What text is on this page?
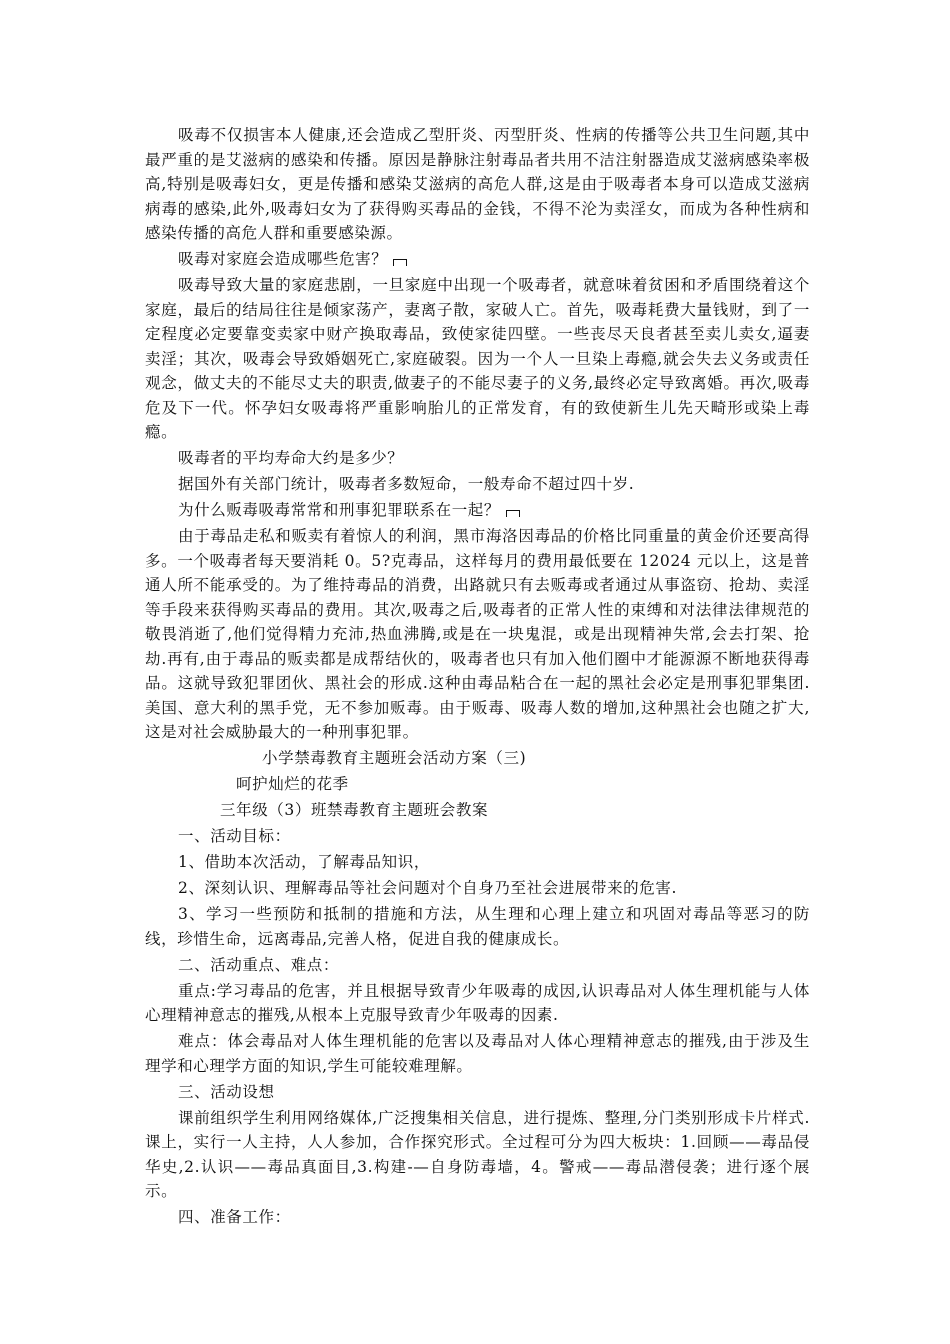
吸毒不仅损害本人健康,还会造成乙型肝炎、丙型肝炎、性病的传播等公共卫生问题,其中最严重的是艾滋病的感染和传播。原因是静脉注射毒品者共用不洁注射器造成艾滋病感染率极高,特别是吸毒妇女，更是传播和感染艾滋病的高危人群,这是由于吸毒者本身可以造成艾滋病病毒的感染,此外,吸毒妇女为了获得购买毒品的金钱，不得不沦为卖淫女，而成为各种性病和感染传播的高危人群和重要感染源。

吸毒对家庭会造成哪些危害？

吸毒导致大量的家庭悲剧，一旦家庭中出现一个吸毒者，就意味着贫困和矛盾围绕着这个家庭，最后的结局往往是倾家荡产，妻离子散，家破人亡。首先，吸毒耗费大量钱财，到了一定程度必定要靠变卖家中财产换取毒品，致使家徒四壁。一些丧尽天良者甚至卖儿卖女,逼妻卖淫；其次，吸毒会导致婚姻死亡,家庭破裂。因为一个人一旦染上毒瘾,就会失去义务或责任观念，做丈夫的不能尽丈夫的职责,做妻子的不能尽妻子的义务,最终必定导致离婚。再次,吸毒危及下一代。怀孕妇女吸毒将严重影响胎儿的正常发育，有的致使新生儿先天畸形或染上毒瘾。

吸毒者的平均寿命大约是多少？

据国外有关部门统计，吸毒者多数短命，一般寿命不超过四十岁.

为什么贩毒吸毒常常和刑事犯罪联系在一起？

由于毒品走私和贩卖有着惊人的利润，黑市海洛因毒品的价格比同重量的黄金价还要高得多。一个吸毒者每天要消耗 0。5?克毒品，这样每月的费用最低要在 12024 元以上，这是普通人所不能承受的。为了维持毒品的消费，出路就只有去贩毒或者通过从事盗窃、抢劫、卖淫等手段来获得购买毒品的费用。其次,吸毒之后,吸毒者的正常人性的束缚和对法律法律规范的敬畏消逝了,他们觉得精力充沛,热血沸腾,或是在一块鬼混，或是出现精神失常,会去打架、抢劫.再有,由于毒品的贩卖都是成帮结伙的，吸毒者也只有加入他们圈中才能源源不断地获得毒品。这就导致犯罪团伙、黑社会的形成.这种由毒品粘合在一起的黑社会必定是刑事犯罪集团.美国、意大利的黑手党，无不参加贩毒。由于贩毒、吸毒人数的增加,这种黑社会也随之扩大,这是对社会威胁最大的一种刑事犯罪。

小学禁毒教育主题班会活动方案（三)

呵护灿烂的花季

三年级（3）班禁毒教育主题班会教案

一、活动目标：

1、借助本次活动，了解毒品知识，

2、深刻认识、理解毒品等社会问题对个自身乃至社会进展带来的危害.

3、学习一些预防和抵制的措施和方法，从生理和心理上建立和巩固对毒品等恶习的防线，珍惜生命，远离毒品,完善人格，促进自我的健康成长。

二、活动重点、难点：

重点:学习毒品的危害，并且根据导致青少年吸毒的成因,认识毒品对人体生理机能与人体心理精神意志的摧残,从根本上克服导致青少年吸毒的因素.

难点：体会毒品对人体生理机能的危害以及毒品对人体心理精神意志的摧残,由于涉及生理学和心理学方面的知识,学生可能较难理解。

三、活动设想

课前组织学生利用网络媒体,广泛搜集相关信息，进行提炼、整理,分门类别形成卡片样式.课上，实行一人主持，人人参加，合作探究形式。全过程可分为四大板块：1.回顾——毒品侵华史,2.认识——毒品真面目,3.构建-—自身防毒墙，4。警戒——毒品潜侵袭；进行逐个展示。

四、准备工作：
